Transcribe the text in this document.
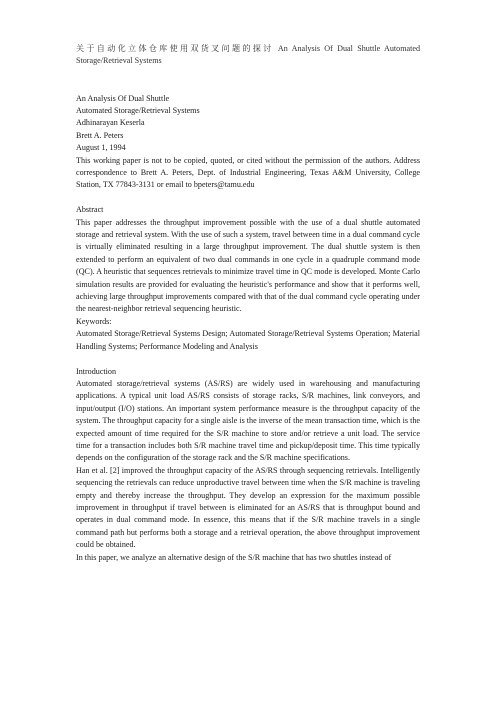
关于自动化立体仓库使用双货叉问题的探讨 An Analysis Of Dual Shuttle Automated Storage/Retrieval Systems

An Analysis Of Dual Shuttle

Automated Storage/Retrieval Systems

Adhinarayan Keserla

Brett A. Peters

August 1, 1994

This working paper is not to be copied, quoted, or cited without the permission of the authors. Address correspondence to Brett A. Peters, Dept. of Industrial Engineering, Texas A&M University, College Station, TX 77843-3131 or email to bpeters@tamu.edu

Abstract

This paper addresses the throughput improvement possible with the use of a dual shuttle automated storage and retrieval system. With the use of such a system, travel between time in a dual command cycle is virtually eliminated resulting in a large throughput improvement. The dual shuttle system is then extended to perform an equivalent of two dual commands in one cycle in a quadruple command mode (QC). A heuristic that sequences retrievals to minimize travel time in QC mode is developed. Monte Carlo simulation results are provided for evaluating the heuristic's performance and show that it performs well, achieving large throughput improvements compared with that of the dual command cycle operating under the nearest-neighbor retrieval sequencing heuristic.

Keywords:

Automated Storage/Retrieval Systems Design; Automated Storage/Retrieval Systems Operation; Material Handling Systems; Performance Modeling and Analysis

Introduction

Automated storage/retrieval systems (AS/RS) are widely used in warehousing and manufacturing applications. A typical unit load AS/RS consists of storage racks, S/R machines, link conveyors, and input/output (I/O) stations. An important system performance measure is the throughput capacity of the system. The throughput capacity for a single aisle is the inverse of the mean transaction time, which is the expected amount of time required for the S/R machine to store and/or retrieve a unit load. The service time for a transaction includes both S/R machine travel time and pickup/deposit time. This time typically depends on the configuration of the storage rack and the S/R machine specifications.

Han et al. [2] improved the throughput capacity of the AS/RS through sequencing retrievals. Intelligently sequencing the retrievals can reduce unproductive travel between time when the S/R machine is traveling empty and thereby increase the throughput. They develop an expression for the maximum possible improvement in throughput if travel between is eliminated for an AS/RS that is throughput bound and operates in dual command mode. In essence, this means that if the S/R machine travels in a single command path but performs both a storage and a retrieval operation, the above throughput improvement could be obtained.

In this paper, we analyze an alternative design of the S/R machine that has two shuttles instead of
